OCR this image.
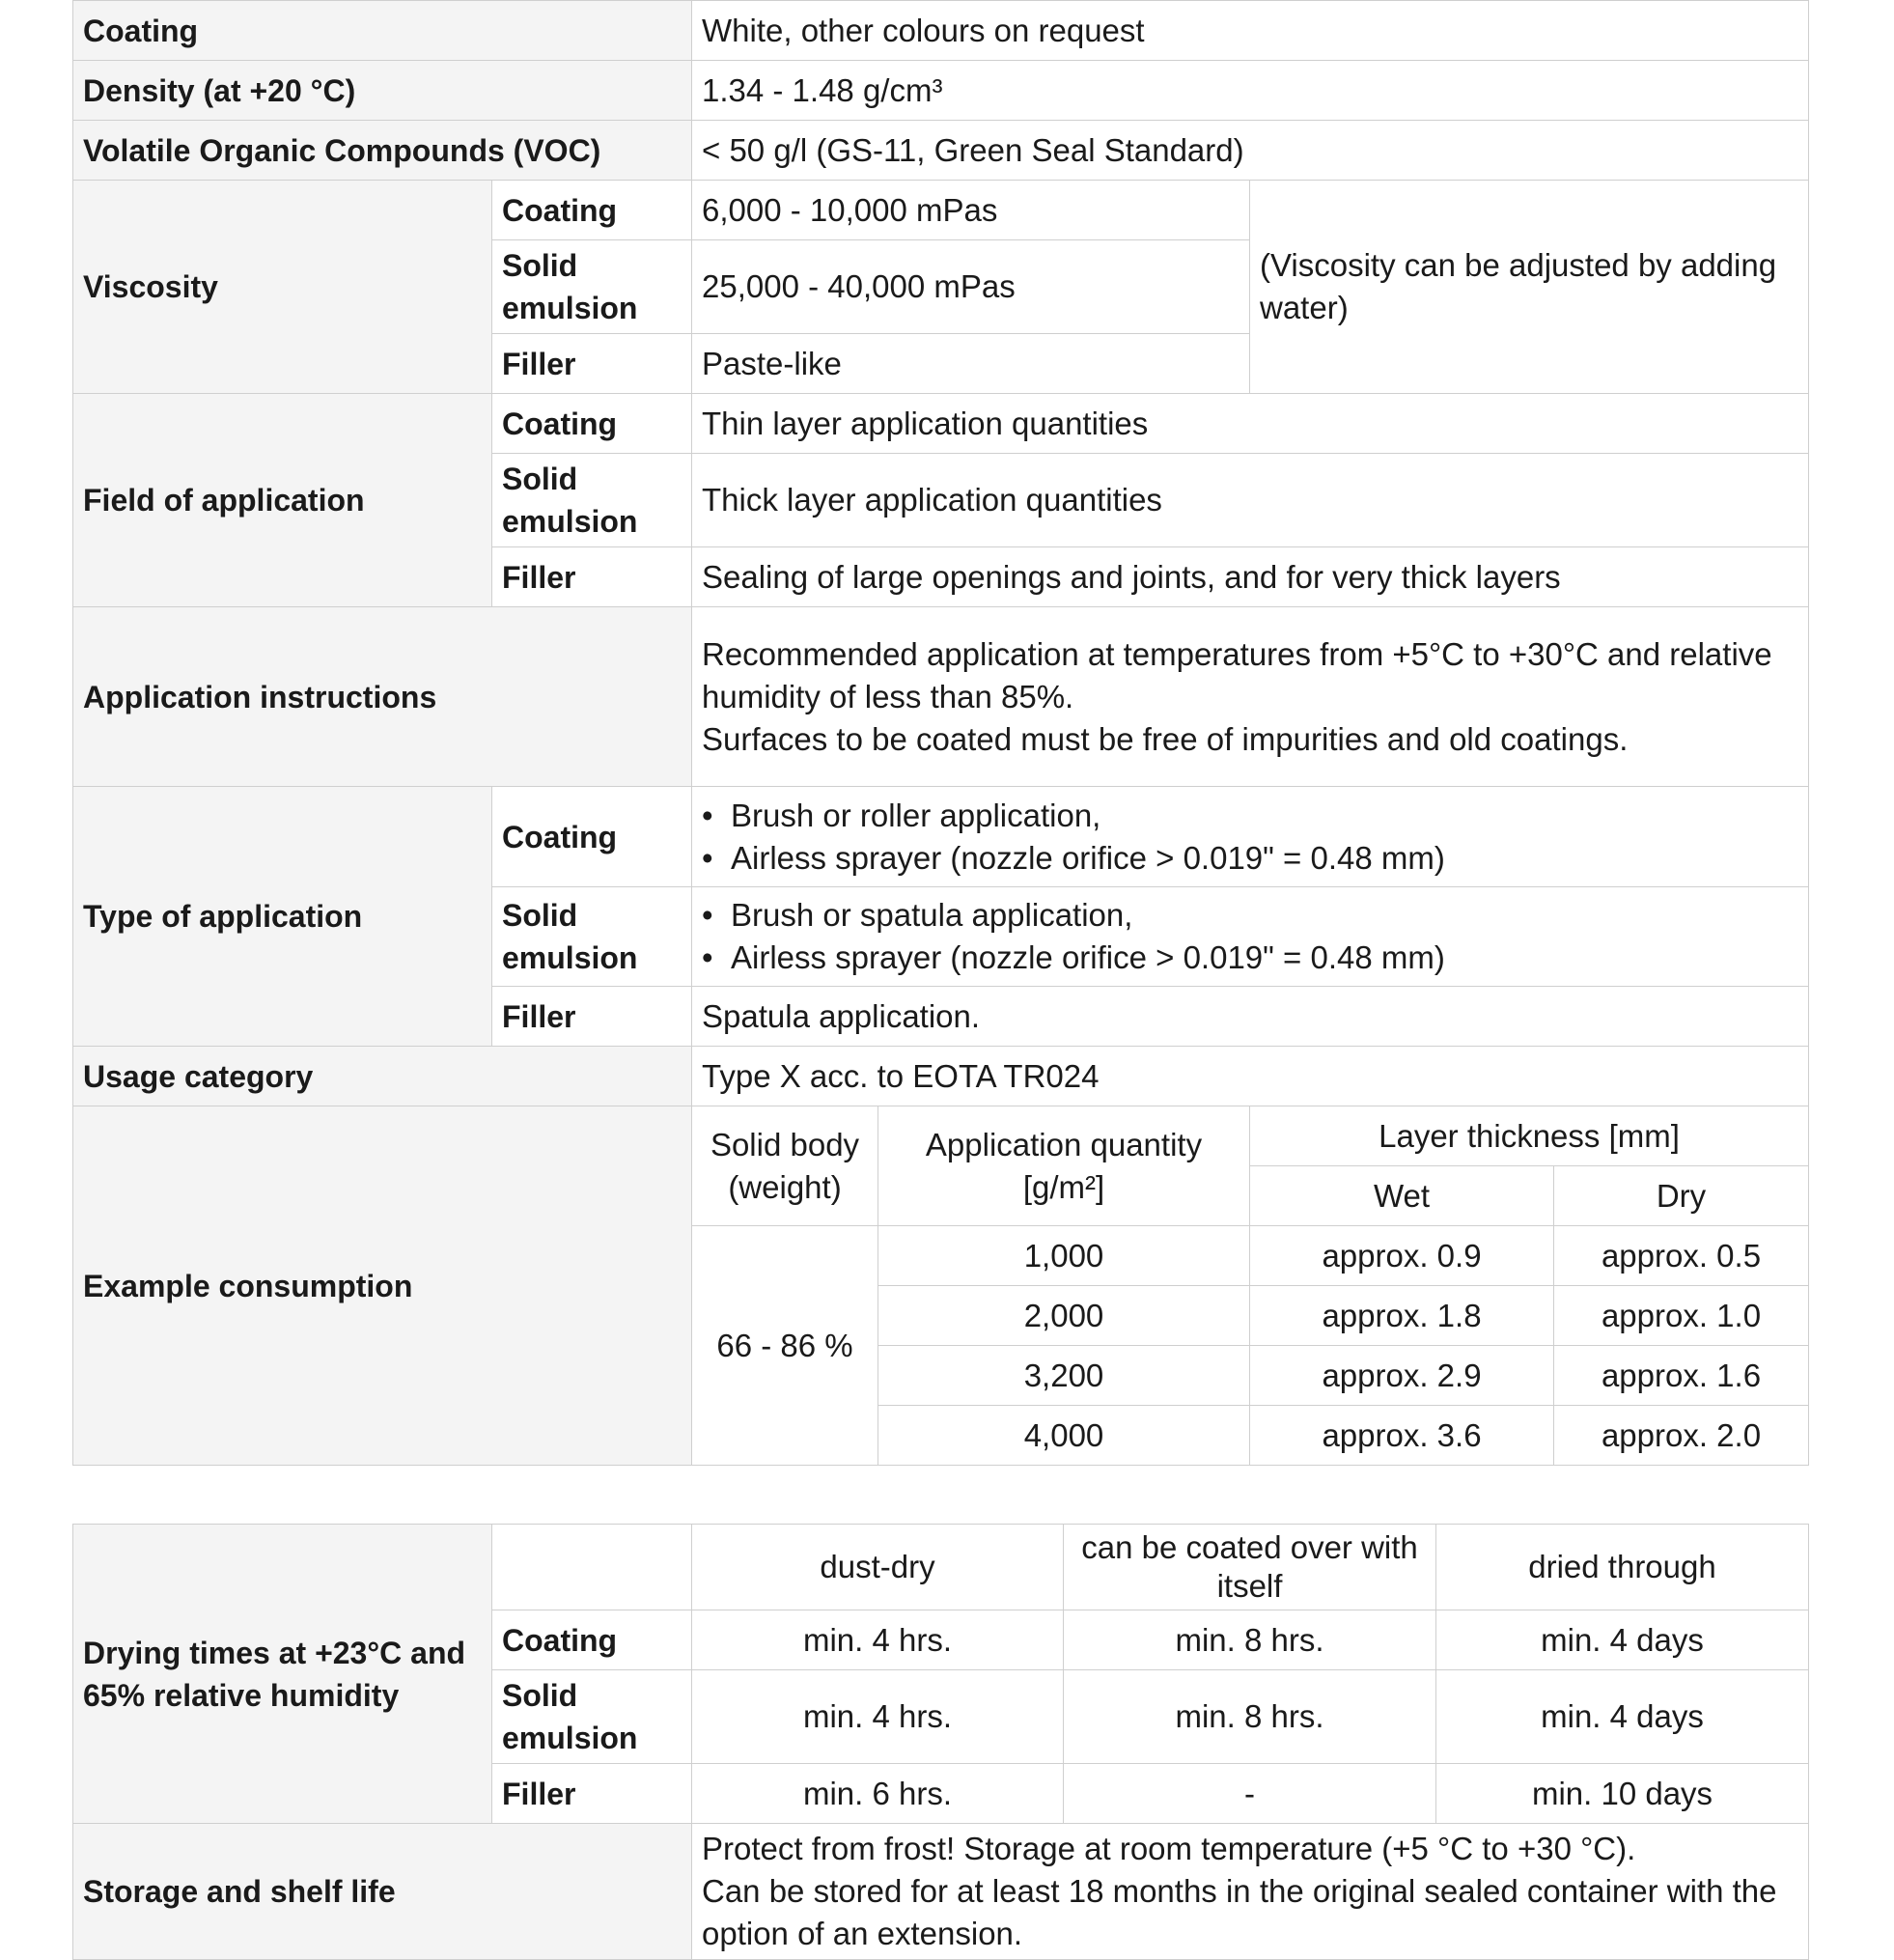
Coating		White, other colours on request			
Density (at +20 °C)		1.34 - 1.48 g/cm³			
Volatile Organic Compounds (VOC)		< 50 g/l (GS-11, Green Seal Standard)			
Viscosity	Coating	6,000 - 10,000 mPas		(Viscosity can be adjusted by adding water)	
	Solid emulsion	25,000 - 40,000 mPas			
	Filler	Paste-like			
Field of application	Coating	Thin layer application quantities			
	Solid emulsion	Thick layer application quantities			
	Filler	Sealing of large openings and joints, and for very thick layers			
Application instructions		Recommended application at temperatures from +5°C to +30°C and relative humidity of less than 85%.
Surfaces to be coated must be free of impurities and old coatings.			

Type of application	Coating	• Brush or roller application,
• Airless sprayer (nozzle orifice > 0.019" = 0.48 mm)

	Solid emulsion	• Brush or spatula application,
• Airless sprayer (nozzle orifice > 0.019" = 0.48 mm)

	Filler	Spatula application.			
Usage category		Type X acc. to EOTA TR024			
Example consumption		Solid body (weight)	Application quantity [g/m²]	Layer thickness [mm]	
				Wet	Dry
		66 - 86 %	1,000	approx. 0.9	approx. 0.5
			2,000	approx. 1.8	approx. 1.0
			3,200	approx. 2.9	approx. 1.6
			4,000	approx. 3.6	approx. 2.0
Drying times at +23°C and 65% relative humidity		dust-dry	can be coated over with itself	dried through
	Coating	min. 4 hrs.	min. 8 hrs.	min. 4 days
	Solid emulsion	min. 4 hrs.	min. 8 hrs.	min. 4 days
	Filler	min. 6 hrs.	-	min. 10 days
Storage and shelf life		Protect from frost! Storage at room temperature (+5 °C to +30 °C).
Can be stored for at least 18 months in the original sealed container with the option of an extension.		
